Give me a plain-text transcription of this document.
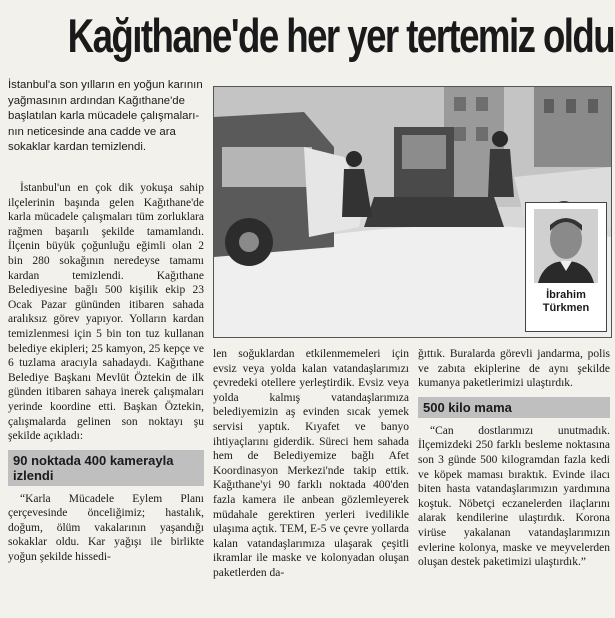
Kağıthane'de her yer tertemiz oldu

İstanbul'a son yılların en yoğun karının yağmasının ardından Kağıthane'de başlatılan karla mücadele çalışmaları-nın neticesinde ana cadde ve ara sokaklar kardan temizlendi.

İstanbul'un en çok dik yokuşa sahip ilçelerinin başında gelen Kağıthane'de karla mücadele çalışmaları tüm zorluklara rağmen başarılı şekilde tamamlandı. İlçenin büyük çoğunluğu eğimli olan 2 bin 280 sokağının neredeyse tamamı kardan temizlendi. Kağıthane Belediyesine bağlı 500 kişilik ekip 23 Ocak Pazar gününden itibaren sahada aralıksız görev yapıyor. Yolların kardan temizlenmesi için 5 bin ton tuz kullanan belediye ekipleri; 25 kamyon, 25 kepçe ve 6 tuzlama aracıyla sahadaydı. Kağıthane Belediye Başkanı Mevlüt Öztekin de ilk günden itibaren sahaya inerek çalışmaları yerinde koordine etti. Başkan Öztekin, çalışmalarda gelinen son noktayı şu şekilde açıkladı:

90 noktada 400 kamerayla izlendi

“Karla Mücadele Eylem Planı çerçevesinde önceliğimiz; hastalık, doğum, ölüm vakalarının yaşandığı sokaklar oldu. Kar yağışı ile birlikte yoğun şekilde hissedi-

İbrahim
Türkmen

len soğuklardan etkilenmemeleri için evsiz veya yolda kalan vatandaşlarımızı çevredeki otellere yerleştirdik. Evsiz veya yolda kalmış vatandaşlarımıza belediyemizin aş evinden sıcak yemek servisi yaptık. Kıyafet ve banyo ihtiyaçlarını giderdik. Süreci hem sahada hem de Belediyemize bağlı Afet Koordinasyon Merkezi'nde takip ettik. Kağıthane'yi 90 farklı noktada 400'den fazla kamera ile anbean gözlemleyerek müdahale gerektiren yerleri ivedilikle ulaşıma açtık. TEM, E-5 ve çevre yollarda kalan vatandaşlarımıza ulaşarak çeşitli ikramlar ile maske ve kolonyadan oluşan paketlerden da-

ğıttık. Buralarda görevli jandarma, polis ve zabıta ekiplerine de aynı şekilde kumanya paketlerimizi ulaştırdık.

500 kilo mama

“Can dostlarımızı unutmadık. İlçemizdeki 250 farklı besleme noktasına son 3 günde 500 kilogramdan fazla kedi ve köpek maması bıraktık. Evinde ilacı biten hasta vatandaşlarımızın yardımına koştuk. Nöbetçi eczanelerden ilaçlarını alarak kendilerine ulaştırdık. Korona virüse yakalanan vatandaşlarımızın evlerine kolonya, maske ve meyvelerden oluşan destek paketimizi ulaştırdık.”
